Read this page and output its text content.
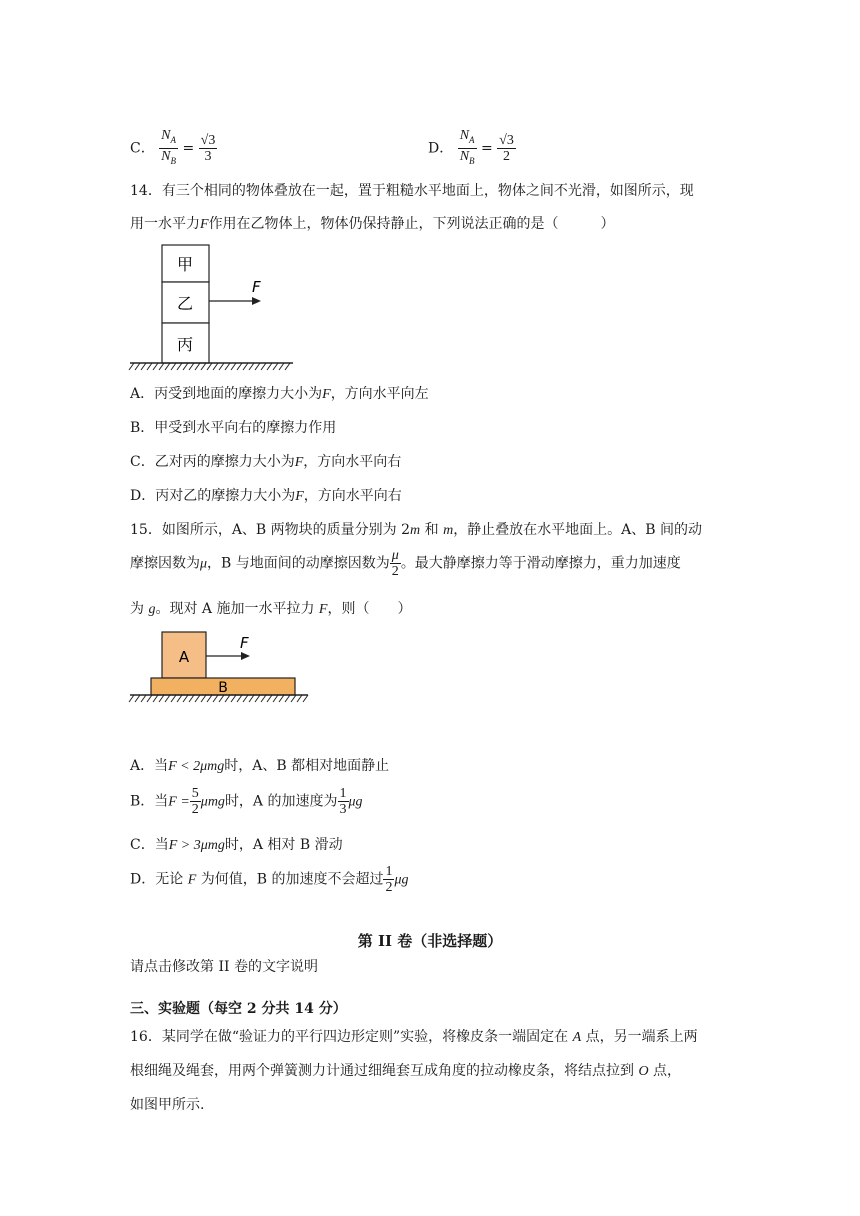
C． $\frac{N_A}{N_B} = \frac{√3}{3}$	D． $\frac{N_A}{N_B} = \frac{√3}{2}$
14．有三个相同的物体叠放在一起，置于粗糙水平地面上，物体之间不光滑，如图所示，现
用一水平力F作用在乙物体上，物体仍保持静止，下列说法正确的是（　　　）
甲
乙
丙
F
A．丙受到地面的摩擦力大小为F，方向水平向左
B．甲受到水平向右的摩擦力作用
C．乙对丙的摩擦力大小为F，方向水平向右
D．丙对乙的摩擦力大小为F，方向水平向右
15．如图所示，A、B 两物块的质量分别为 2m 和 m，静止叠放在水平地面上。A、B 间的动
摩擦因数为μ，B 与地面间的动摩擦因数为 $\frac{\mu}{2}$ 。最大静摩擦力等于滑动摩擦力，重力加速度
为 g。现对 A 施加一水平拉力 F，则（　　）
A
B
F
A．当F < 2μmg时，A、B 都相对地面静止
B．当$F = \frac{5}{2}$ μmg时，A 的加速度为 $\frac{1}{3}$ μg
C．当F > 3μmg时，A 相对 B 滑动
D．无论 F 为何值，B 的加速度不会超过 $\frac{1}{2}$ μg
第 II 卷（非选择题）
请点击修改第 II 卷的文字说明
三、实验题（每空 2 分共 14 分）
16．某同学在做“验证力的平行四边形定则”实验，将橡皮条一端固定在 A 点，另一端系上两
根细绳及绳套，用两个弹簧测力计通过细绳套互成角度的拉动橡皮条，将结点拉到 O 点，
如图甲所示.
